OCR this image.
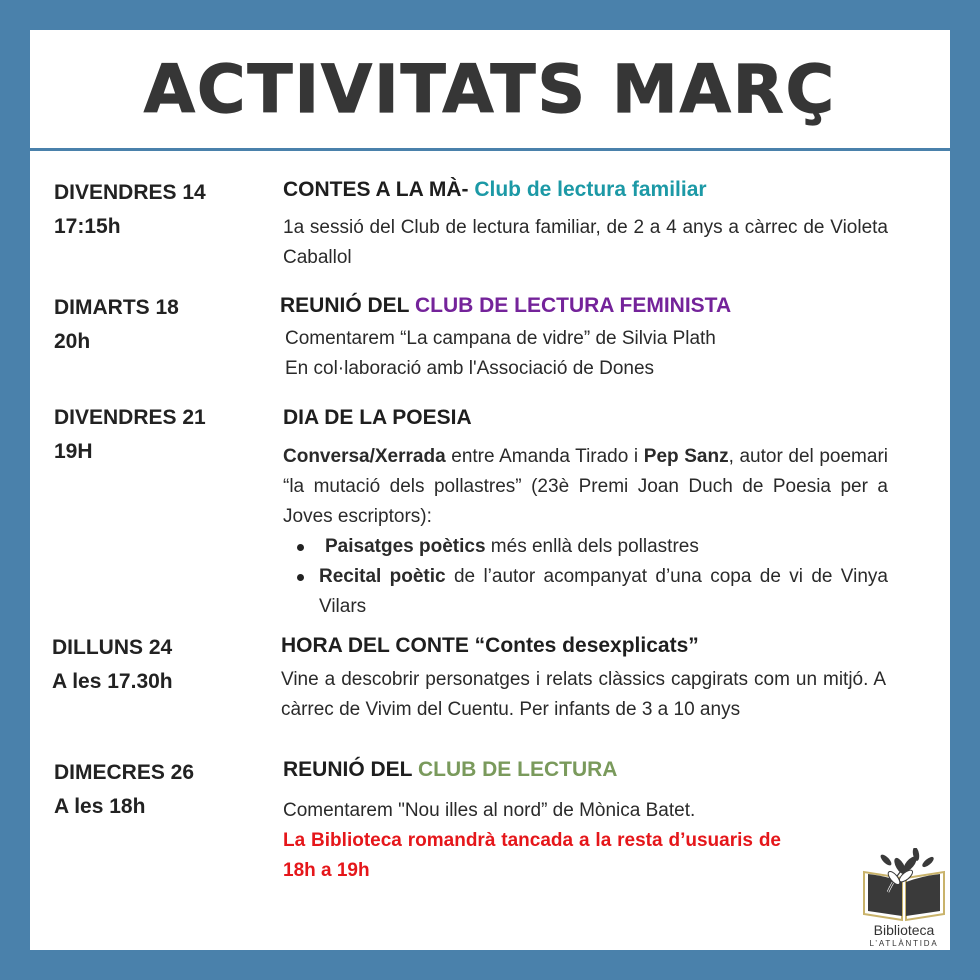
ACTIVITATS MARÇ
DIVENDRES 14
17:15h
CONTES A LA MÀ- Club de lectura familiar
1a sessió del Club de lectura familiar, de 2 a 4 anys a càrrec de Violeta Caballol
DIMARTS 18
20h
REUNIÓ DEL CLUB DE LECTURA FEMINISTA
Comentarem “La campana de vidre” de Silvia Plath
En col·laboració amb l'Associació de Dones
DIVENDRES 21
19H
DIA DE LA POESIA
Conversa/Xerrada entre Amanda Tirado i Pep Sanz, autor del poemari “la mutació dels pollastres” (23è Premi Joan Duch de Poesia per a Joves escriptors):
Paisatges poètics més enllà dels pollastres
Recital poètic de l’autor acompanyat d’una copa de vi de Vinya Vilars
DILLUNS 24
A les 17.30h
HORA DEL CONTE “Contes desexplicats”
Vine a descobrir personatges i relats clàssics capgirats com un mitjó. A càrrec de Vivim del Cuentu. Per infants de 3 a 10 anys
DIMECRES 26
A les 18h
REUNIÓ DEL CLUB DE LECTURA
Comentarem "Nou illes al nord” de Mònica Batet.
La Biblioteca romandrà tancada a la resta d’usuaris de 18h a 19h
Biblioteca
L’ATLÀNTIDA
